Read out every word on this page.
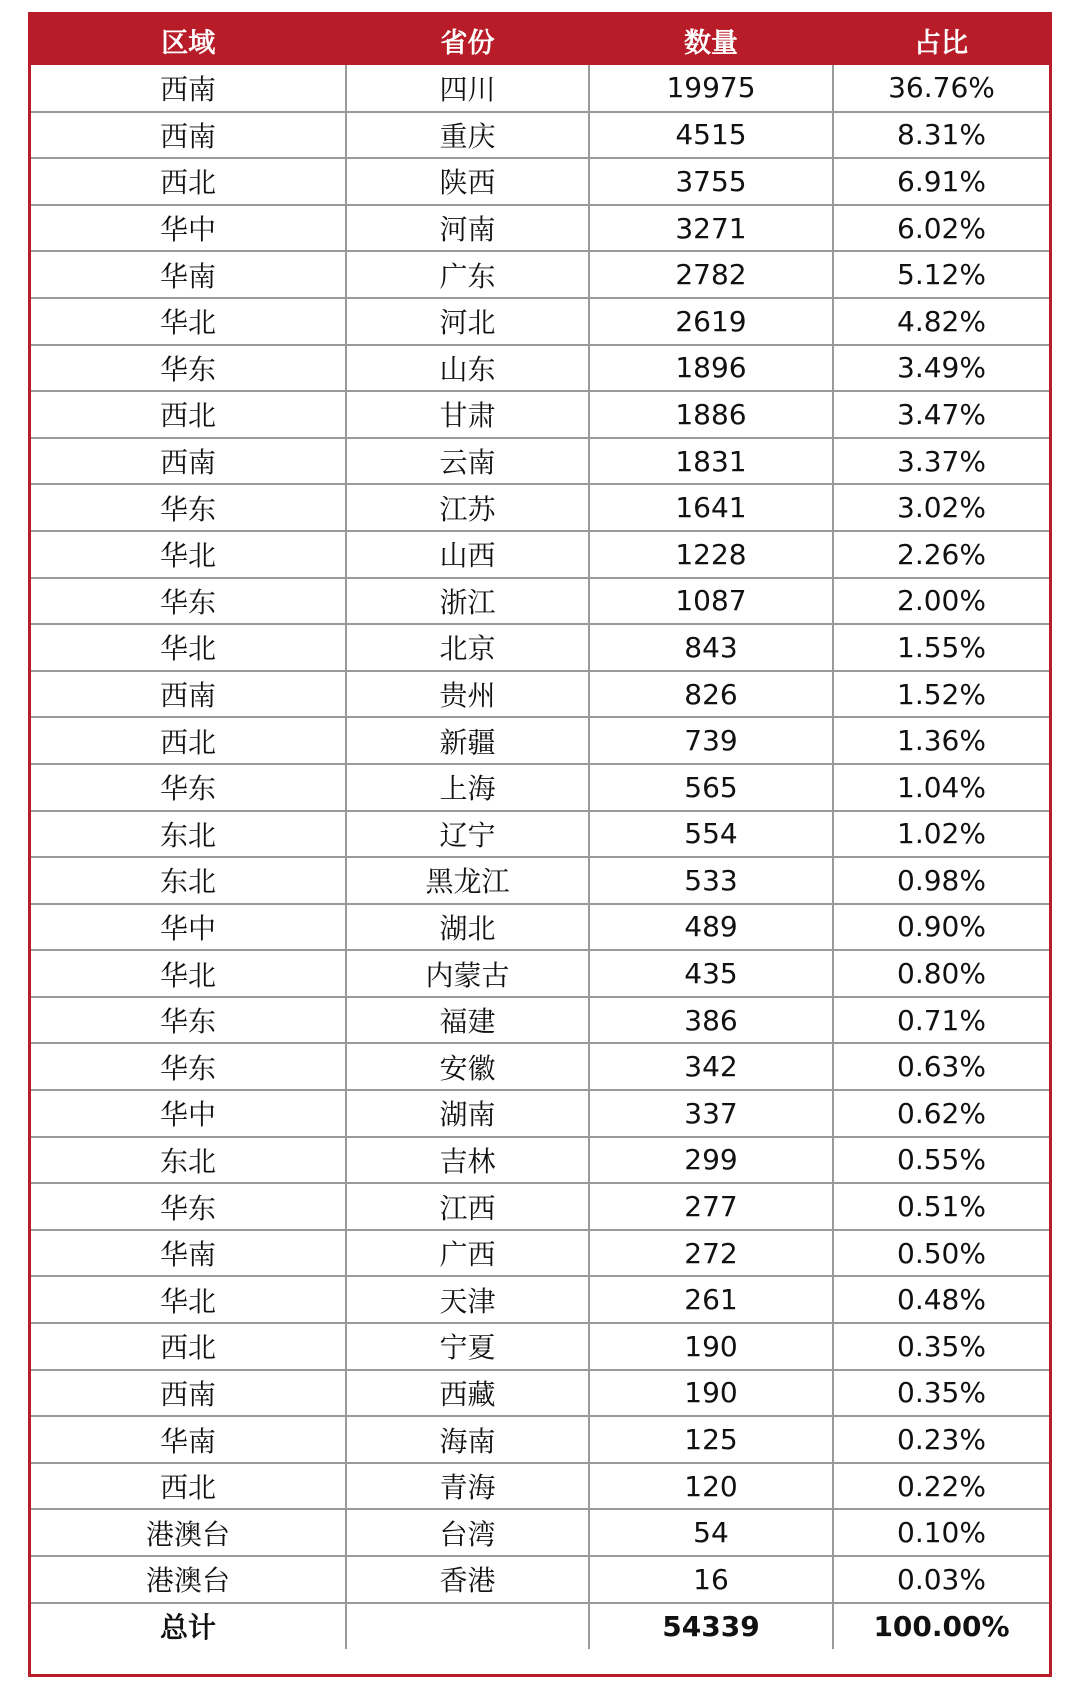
区域	省份	数量	占比
西南	四川	19975	36.76%
西南	重庆	4515	8.31%
西北	陕西	3755	6.91%
华中	河南	3271	6.02%
华南	广东	2782	5.12%
华北	河北	2619	4.82%
华东	山东	1896	3.49%
西北	甘肃	1886	3.47%
西南	云南	1831	3.37%
华东	江苏	1641	3.02%
华北	山西	1228	2.26%
华东	浙江	1087	2.00%
华北	北京	843	1.55%
西南	贵州	826	1.52%
西北	新疆	739	1.36%
华东	上海	565	1.04%
东北	辽宁	554	1.02%
东北	黑龙江	533	0.98%
华中	湖北	489	0.90%
华北	内蒙古	435	0.80%
华东	福建	386	0.71%
华东	安徽	342	0.63%
华中	湖南	337	0.62%
东北	吉林	299	0.55%
华东	江西	277	0.51%
华南	广西	272	0.50%
华北	天津	261	0.48%
西北	宁夏	190	0.35%
西南	西藏	190	0.35%
华南	海南	125	0.23%
西北	青海	120	0.22%
港澳台	台湾	54	0.10%
港澳台	香港	16	0.03%
总计		54339	100.00%
